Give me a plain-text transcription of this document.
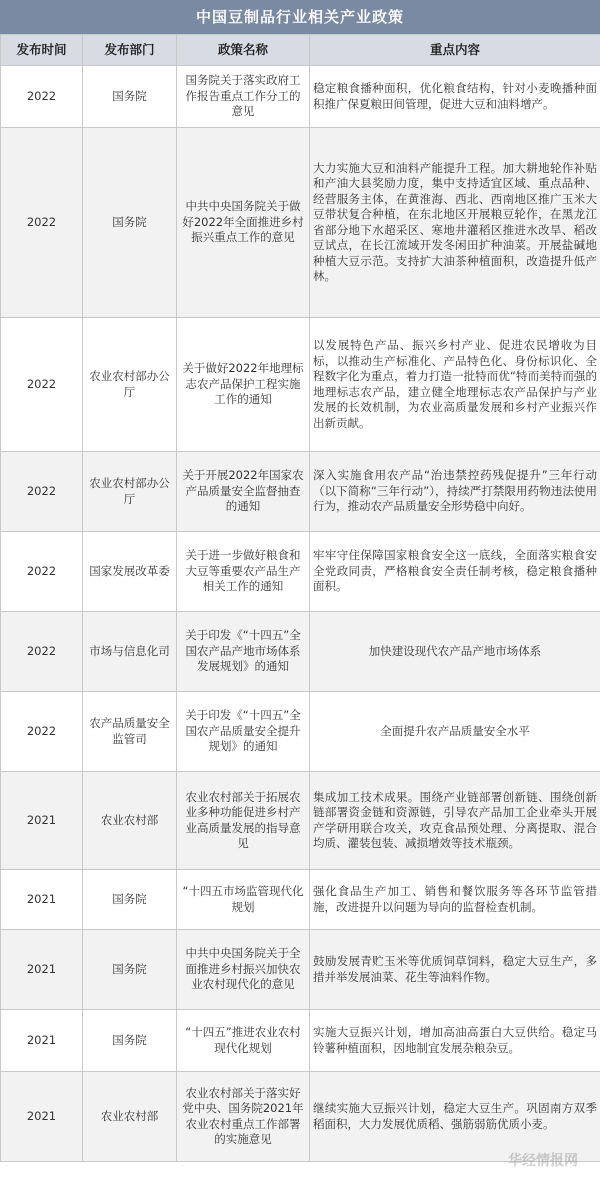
中国豆制品行业相关产业政策
发布时间	发布部门	政策名称	重点内容
2022	国务院	国务院关于落实政府工作报告重点工作分工的意见	稳定粮食播种面积，优化粮食结构，针对小麦晚播种面积推广保夏粮田间管理，促进大豆和油料增产。
2022	国务院	中共中央国务院关于做好2022年全面推进乡村振兴重点工作的意见	大力实施大豆和油料产能提升工程。加大耕地轮作补贴和产油大县奖励力度，集中支持适宜区域、重点品种、经营服务主体，在黄淮海、西北、西南地区推广玉米大豆带状复合种植，在东北地区开展粮豆轮作，在黑龙江省部分地下水超采区、寒地井灌稻区推进水改旱、稻改豆试点，在长江流域开发冬闲田扩种油菜。开展盐碱地种植大豆示范。支持扩大油茶种植面积，改造提升低产林。
2022	农业农村部办公厅	关于做好2022年地理标志农产品保护工程实施工作的通知	以发展特色产品、振兴乡村产业、促进农民增收为目标，以推动生产标准化、产品特色化、身份标识化、全程数字化为重点，着力打造一批特而优“特而美特而强的地理标志农产品，建立健全地理标志农产品保护与产业发展的长效机制，为农业高质量发展和乡村产业振兴作出新贡献。
2022	农业农村部办公厅	关于开展2022年国家农产品质量安全监督抽查的通知	深入实施食用农产品“治违禁控药残促提升”三年行动（以下简称“三年行动”），持续严打禁限用药物违法使用行为，推动农产品质量安全形势稳中向好。
2022	国家发展改革委	关于进一步做好粮食和大豆等重要农产品生产相关工作的通知	牢牢守住保障国家粮食安全这一底线，全面落实粮食安全党政同责，严格粮食安全责任制考核，稳定粮食播种面积。
2022	市场与信息化司	关于印发《“十四五”全国农产品产地市场体系发展规划》的通知	加快建设现代农产品产地市场体系
2022	农产品质量安全监管司	关于印发《“十四五”全国农产品质量安全提升规划》的通知	全面提升农产品质量安全水平
2021	农业农村部	农业农村部关于拓展农业多种功能促进乡村产业高质量发展的指导意见	集成加工技术成果。围绕产业链部署创新链、围绕创新链部署资金链和资源链，引导农产品加工企业牵头开展产学研用联合攻关，攻克食品预处理、分离提取、混合均质、灌装包装、减损增效等技术瓶颈。
2021	国务院	“十四五市场监管现代化规划	强化食品生产加工、销售和餐饮服务等各环节监管措施，改进提升以问题为导向的监督检查机制。
2021	国务院	中共中央国务院关于全面推进乡村振兴加快农业农村现代化的意见	鼓励发展青贮玉米等优质饲草饲料，稳定大豆生产，多措并举发展油菜、花生等油料作物。
2021	国务院	“十四五”推进农业农村现代化规划	实施大豆振兴计划，增加高油高蛋白大豆供给。稳定马铃薯种植面积，因地制宜发展杂粮杂豆。
2021	农业农村部	农业农村部关于落实好党中央、国务院2021年农业农村重点工作部署的实施意见	继续实施大豆振兴计划，稳定大豆生产。巩固南方双季稻面积，大力发展优质稻、强筋弱筋优质小麦。
华经情报网
